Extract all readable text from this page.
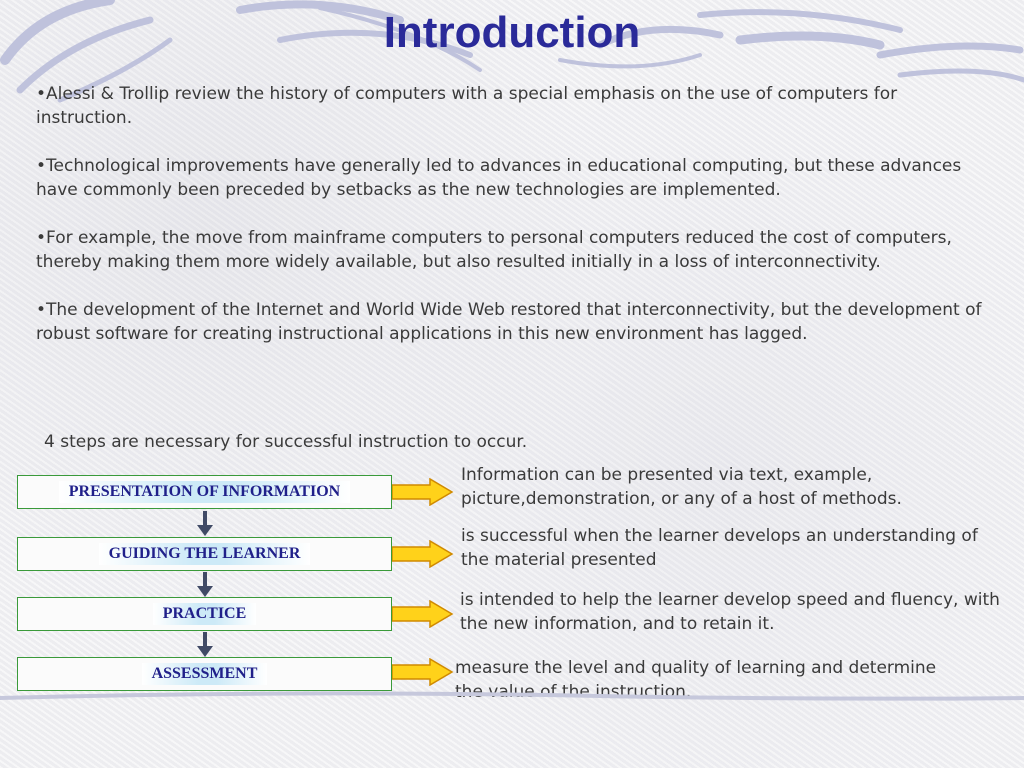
Introduction

•Alessi & Trollip review the history of computers with a special emphasis on the use of computers for instruction.

•Technological improvements have generally led to advances in educational computing, but these advances have commonly been preceded by setbacks as the new technologies are implemented.

•For example, the move from mainframe computers to personal computers reduced the cost of computers, thereby making them more widely available, but also resulted initially in a loss of interconnectivity.

•The development of the Internet and World Wide Web restored that interconnectivity, but the development of robust software for creating instructional applications in this new environment has lagged.

4 steps are necessary for successful instruction to occur.
PRESENTATION OF INFORMATION
Information can be presented via text, example, picture,demonstration, or any of a host of methods.
GUIDING THE LEARNER
is successful when the learner develops an understanding of the material presented
PRACTICE
is intended to help the learner develop speed and fluency, with the new information, and to retain it.
ASSESSMENT	measure the level and quality of learning and determine the value of the instruction.
